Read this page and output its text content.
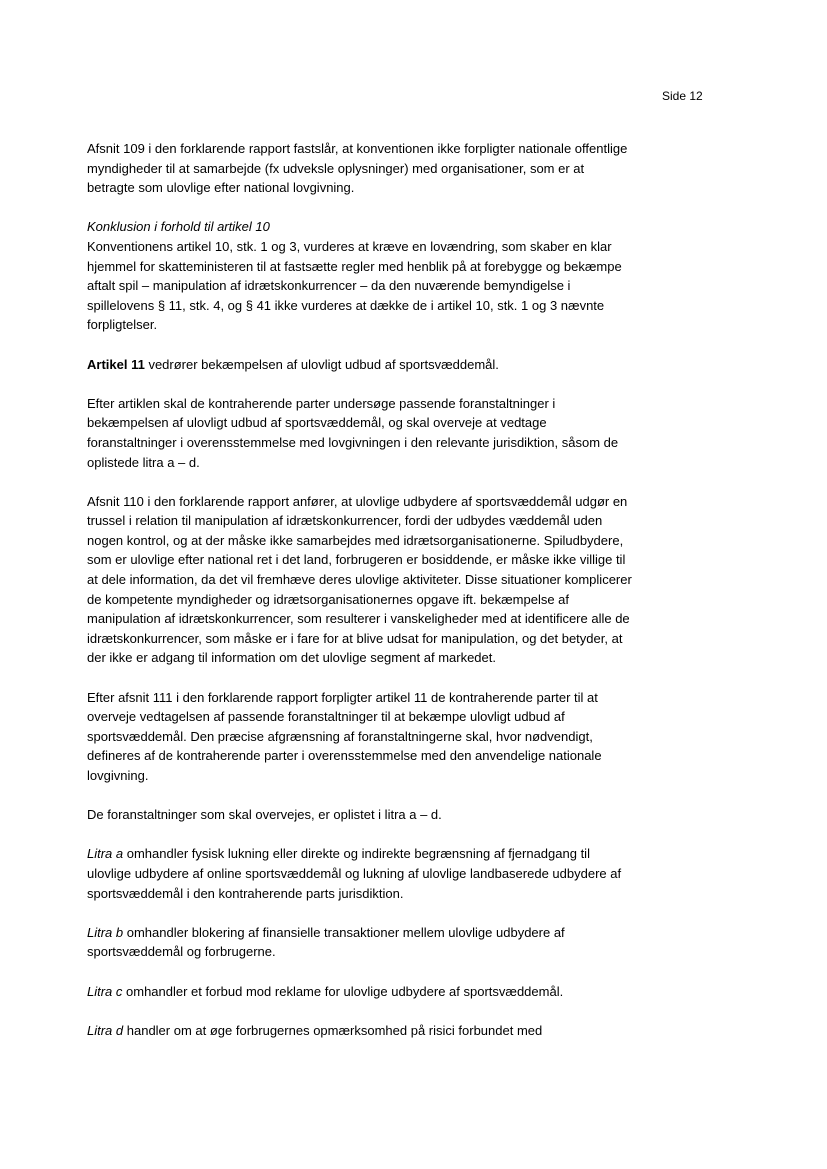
Side 12

Afsnit 109 i den forklarende rapport fastslår, at konventionen ikke forpligter nationale offentlige myndigheder til at samarbejde (fx udveksle oplysninger) med organisationer, som er at betragte som ulovlige efter national lovgivning.

Konklusion i forhold til artikel 10

Konventionens artikel 10, stk. 1 og 3, vurderes at kræve en lovændring, som skaber en klar hjemmel for skatteministeren til at fastsætte regler med henblik på at forebygge og bekæmpe aftalt spil – manipulation af idrætskonkurrencer – da den nuværende bemyndigelse i spillelovens § 11, stk. 4, og § 41 ikke vurderes at dække de i artikel 10, stk. 1 og 3 nævnte forpligtelser.

Artikel 11 vedrører bekæmpelsen af ulovligt udbud af sportsvæddemål.

Efter artiklen skal de kontraherende parter undersøge passende foranstaltninger i bekæmpelsen af ulovligt udbud af sportsvæddemål, og skal overveje at vedtage foranstaltninger i overensstemmelse med lovgivningen i den relevante jurisdiktion, såsom de oplistede litra a – d.

Afsnit 110 i den forklarende rapport anfører, at ulovlige udbydere af sportsvæddemål udgør en trussel i relation til manipulation af idrætskonkurrencer, fordi der udbydes væddemål uden nogen kontrol, og at der måske ikke samarbejdes med idrætsorganisationerne. Spiludbydere, som er ulovlige efter national ret i det land, forbrugeren er bosiddende, er måske ikke villige til at dele information, da det vil fremhæve deres ulovlige aktiviteter. Disse situationer komplicerer de kompetente myndigheder og idrætsorganisationernes opgave ift. bekæmpelse af manipulation af idrætskonkurrencer, som resulterer i vanskeligheder med at identificere alle de idrætskonkurrencer, som måske er i fare for at blive udsat for manipulation, og det betyder, at der ikke er adgang til information om det ulovlige segment af markedet.

Efter afsnit 111 i den forklarende rapport forpligter artikel 11 de kontraherende parter til at overveje vedtagelsen af passende foranstaltninger til at bekæmpe ulovligt udbud af sportsvæddemål. Den præcise afgrænsning af foranstaltningerne skal, hvor nødvendigt, defineres af de kontraherende parter i overensstemmelse med den anvendelige nationale lovgivning.

De foranstaltninger som skal overvejes, er oplistet i litra a – d.

Litra a omhandler fysisk lukning eller direkte og indirekte begrænsning af fjernadgang til ulovlige udbydere af online sportsvæddemål og lukning af ulovlige landbaserede udbydere af sportsvæddemål i den kontraherende parts jurisdiktion.

Litra b omhandler blokering af finansielle transaktioner mellem ulovlige udbydere af sportsvæddemål og forbrugerne.

Litra c omhandler et forbud mod reklame for ulovlige udbydere af sportsvæddemål.

Litra d handler om at øge forbrugernes opmærksomhed på risici forbundet med
